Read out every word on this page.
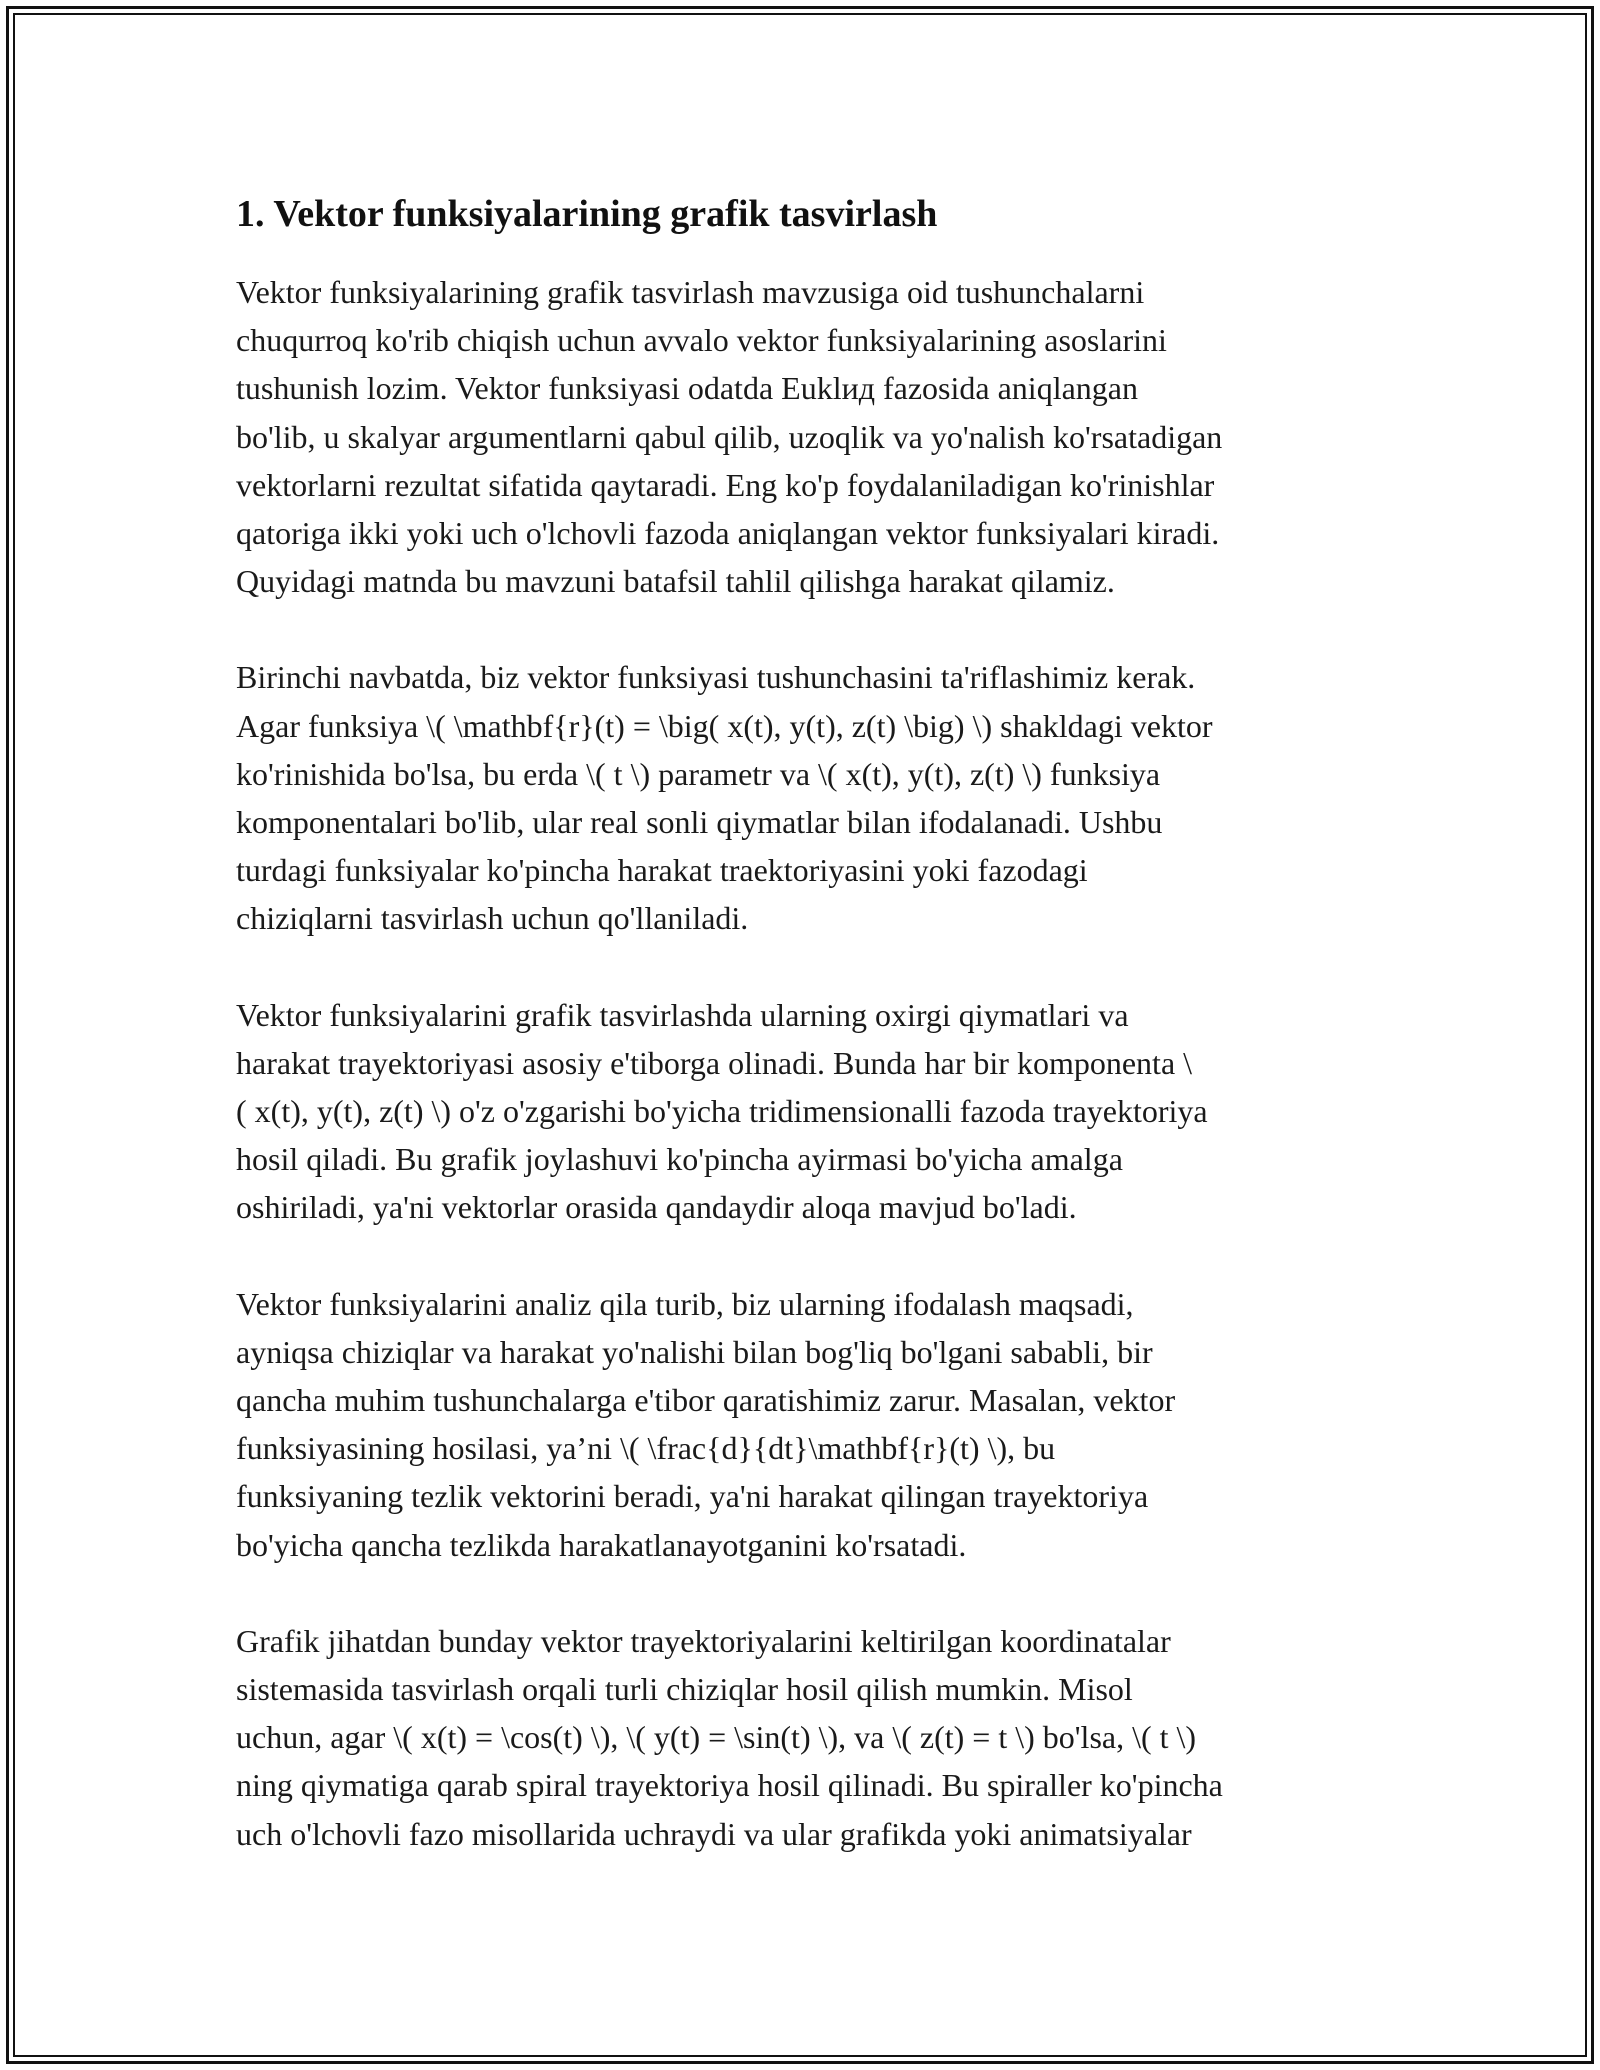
1. Vektor funksiyalarining grafik tasvirlash

Vektor funksiyalarining grafik tasvirlash mavzusiga oid tushunchalarni
chuqurroq ko'rib chiqish uchun avvalo vektor funksiyalarining asoslarini
tushunish lozim. Vektor funksiyasi odatda Euklид fazosida aniqlangan
bo'lib, u skalyar argumentlarni qabul qilib, uzoqlik va yo'nalish ko'rsatadigan
vektorlarni rezultat sifatida qaytaradi. Eng ko'p foydalaniladigan ko'rinishlar
qatoriga ikki yoki uch o'lchovli fazoda aniqlangan vektor funksiyalari kiradi.
Quyidagi matnda bu mavzuni batafsil tahlil qilishga harakat qilamiz.

Birinchi navbatda, biz vektor funksiyasi tushunchasini ta'riflashimiz kerak.
Agar funksiya \( \mathbf{r}(t) = \big( x(t), y(t), z(t) \big) \) shakldagi vektor
ko'rinishida bo'lsa, bu erda \( t \) parametr va \( x(t), y(t), z(t) \) funksiya
komponentalari bo'lib, ular real sonli qiymatlar bilan ifodalanadi. Ushbu
turdagi funksiyalar ko'pincha harakat traektoriyasini yoki fazodagi
chiziqlarni tasvirlash uchun qo'llaniladi.

Vektor funksiyalarini grafik tasvirlashda ularning oxirgi qiymatlari va
harakat trayektoriyasi asosiy e'tiborga olinadi. Bunda har bir komponenta \
( x(t), y(t), z(t) \) o'z o'zgarishi bo'yicha tridimensionalli fazoda trayektoriya
hosil qiladi. Bu grafik joylashuvi ko'pincha ayirmasi bo'yicha amalga
oshiriladi, ya'ni vektorlar orasida qandaydir aloqa mavjud bo'ladi.

Vektor funksiyalarini analiz qila turib, biz ularning ifodalash maqsadi,
ayniqsa chiziqlar va harakat yo'nalishi bilan bog'liq bo'lgani sababli, bir
qancha muhim tushunchalarga e'tibor qaratishimiz zarur. Masalan, vektor
funksiyasining hosilasi, ya’ni \( \frac{d}{dt}\mathbf{r}(t) \), bu
funksiyaning tezlik vektorini beradi, ya'ni harakat qilingan trayektoriya
bo'yicha qancha tezlikda harakatlanayotganini ko'rsatadi.

Grafik jihatdan bunday vektor trayektoriyalarini keltirilgan koordinatalar
sistemasida tasvirlash orqali turli chiziqlar hosil qilish mumkin. Misol
uchun, agar \( x(t) = \cos(t) \), \( y(t) = \sin(t) \), va \( z(t) = t \) bo'lsa, \( t \)
ning qiymatiga qarab spiral trayektoriya hosil qilinadi. Bu spiraller ko'pincha
uch o'lchovli fazo misollarida uchraydi va ular grafikda yoki animatsiyalar
